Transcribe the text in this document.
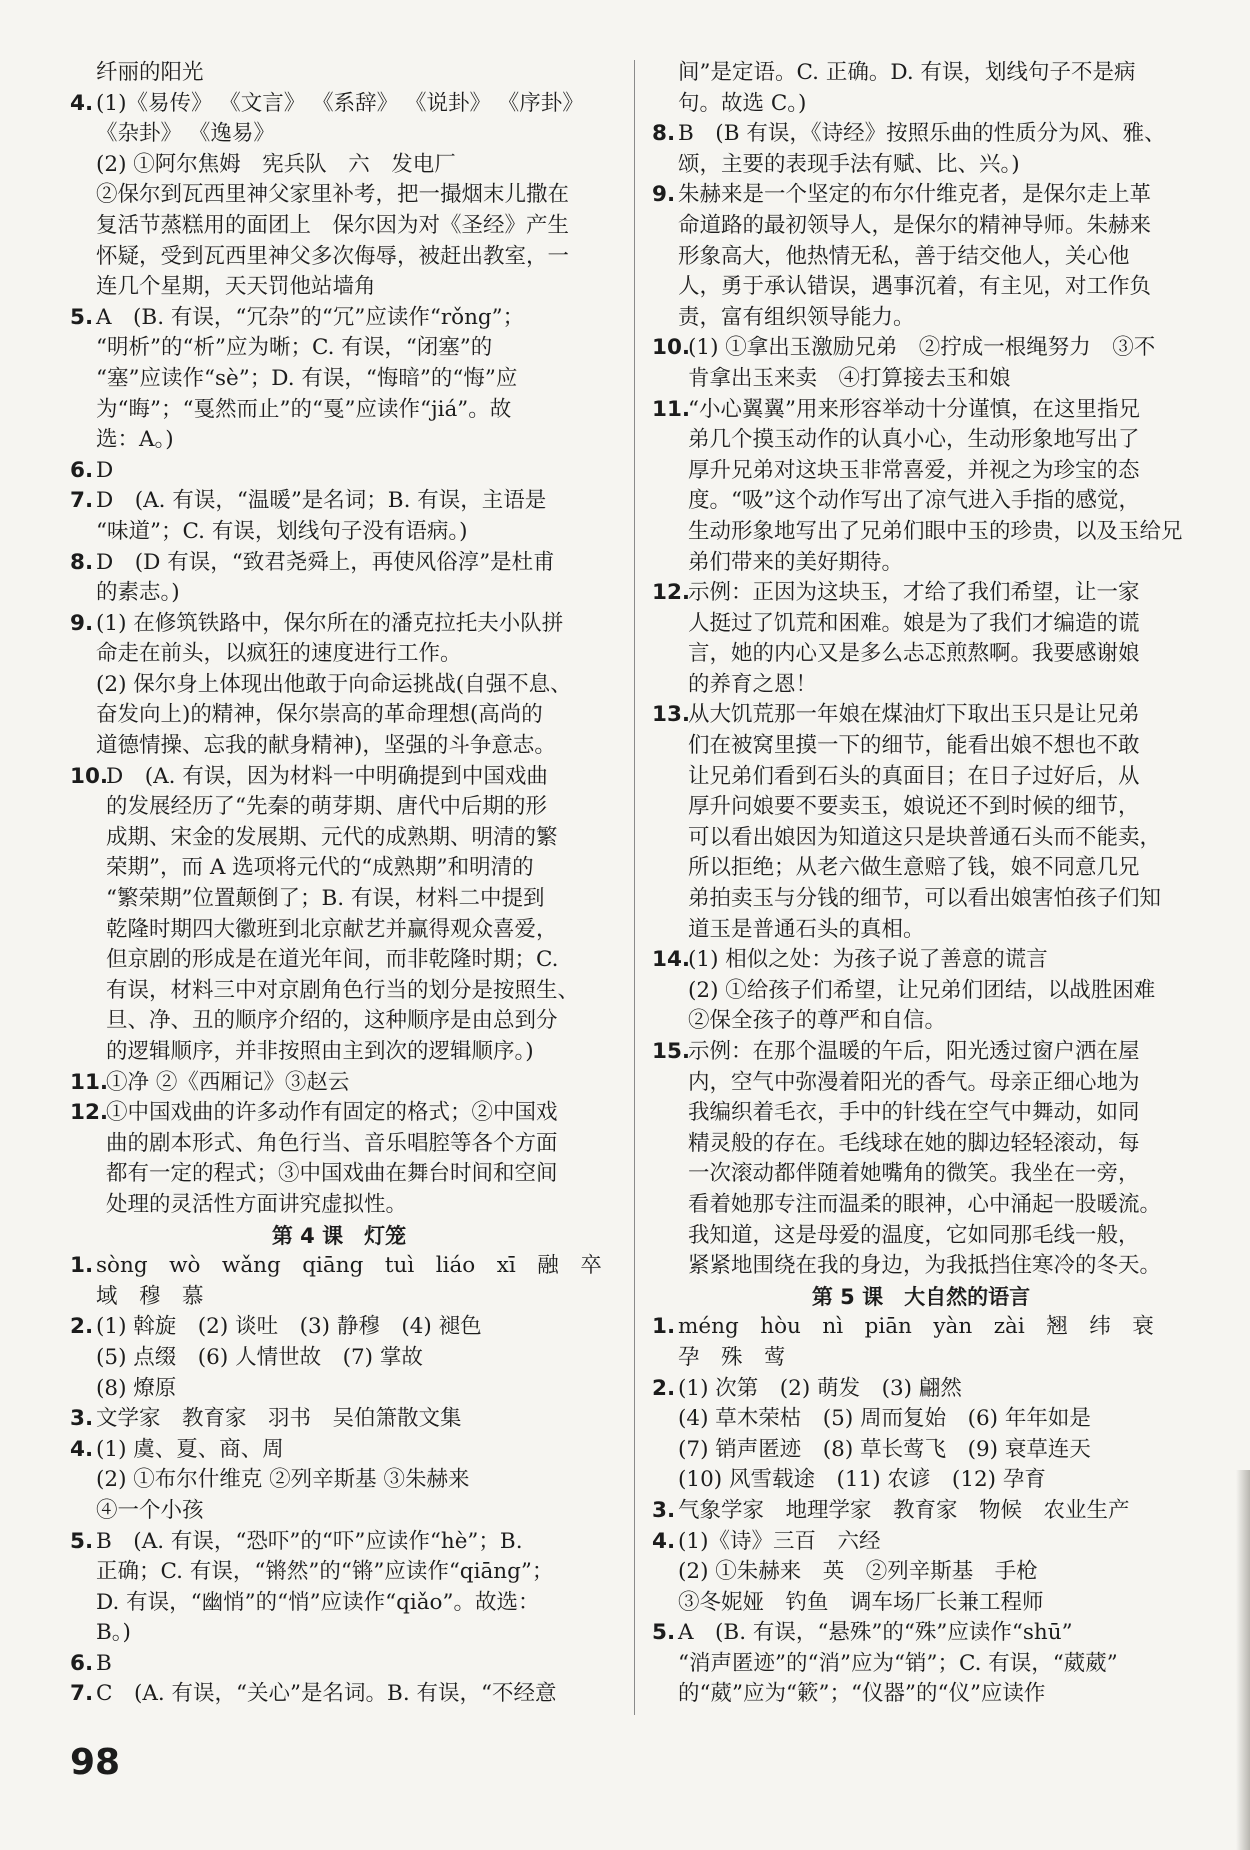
纤丽的阳光
4. (1)《易传》 《文言》 《系辞》 《说卦》 《序卦》
《杂卦》 《逸易》
(2) ①阿尔焦姆　宪兵队　六　发电厂
②保尔到瓦西里神父家里补考，把一撮烟末儿撒在
复活节蒸糕用的面团上　保尔因为对《圣经》产生
怀疑，受到瓦西里神父多次侮辱，被赶出教室，一
连几个星期，天天罚他站墙角
5. A　(B. 有误，“冗杂”的“冗”应读作“rǒng”；
“明析”的“析”应为晰；C. 有误，“闭塞”的
“塞”应读作“sè”；D. 有误，“悔暗”的“悔”应
为“晦”；“戛然而止”的“戛”应读作“jiá”。故
选：A。)
6. D
7. D　(A. 有误，“温暖”是名词；B. 有误，主语是
“味道”；C. 有误，划线句子没有语病。)
8. D　(D 有误，“致君尧舜上，再使风俗淳”是杜甫
的素志。)
9. (1) 在修筑铁路中，保尔所在的潘克拉托夫小队拼
命走在前头，以疯狂的速度进行工作。
(2) 保尔身上体现出他敢于向命运挑战(自强不息、
奋发向上)的精神，保尔崇高的革命理想(高尚的
道德情操、忘我的献身精神)，坚强的斗争意志。
10.
D　(A. 有误，因为材料一中明确提到中国戏曲
的发展经历了“先秦的萌芽期、唐代中后期的形
成期、宋金的发展期、元代的成熟期、明清的繁
荣期”，而 A 选项将元代的“成熟期”和明清的
“繁荣期”位置颠倒了；B. 有误，材料二中提到
乾隆时期四大徽班到北京献艺并赢得观众喜爱，
但京剧的形成是在道光年间，而非乾隆时期；C.
有误，材料三中对京剧角色行当的划分是按照生、
旦、净、丑的顺序介绍的，这种顺序是由总到分
的逻辑顺序，并非按照由主到次的逻辑顺序。)
11.
①净 ②《西厢记》③赵云
12.
①中国戏曲的许多动作有固定的格式；②中国戏
曲的剧本形式、角色行当、音乐唱腔等各个方面
都有一定的程式；③中国戏曲在舞台时间和空间
处理的灵活性方面讲究虚拟性。
第 4 课　灯笼
1. sòng　wò　wǎng　qiāng　tuì　liáo　xī　融　卒
域　穆　慕
2. (1) 斡旋　(2) 谈吐　(3) 静穆　(4) 褪色
(5) 点缀　(6) 人情世故　(7) 掌故
(8) 燎原
3. 文学家　教育家　羽书　吴伯箫散文集
4. (1) 虞、夏、商、周
(2) ①布尔什维克 ②列辛斯基 ③朱赫来
④一个小孩
5. B　(A. 有误，“恐吓”的“吓”应读作“hè”；B.
正确；C. 有误，“锵然”的“锵”应读作“qiāng”；
D. 有误，“幽悄”的“悄”应读作“qiǎo”。故选：
B。)
6. B
7. C　(A. 有误，“关心”是名词。B. 有误，“不经意
间”是定语。C. 正确。D. 有误，划线句子不是病
句。故选 C。)
8. B　(B 有误，《诗经》按照乐曲的性质分为风、雅、
颂，主要的表现手法有赋、比、兴。)
9. 朱赫来是一个坚定的布尔什维克者，是保尔走上革
命道路的最初领导人，是保尔的精神导师。朱赫来
形象高大，他热情无私，善于结交他人，关心他
人，勇于承认错误，遇事沉着，有主见，对工作负
责，富有组织领导能力。
10.
(1) ①拿出玉激励兄弟　②拧成一根绳努力　③不
肯拿出玉来卖　④打算接去玉和娘
11.
“小心翼翼”用来形容举动十分谨慎，在这里指兄
弟几个摸玉动作的认真小心，生动形象地写出了
厚升兄弟对这块玉非常喜爱，并视之为珍宝的态
度。“吸”这个动作写出了凉气进入手指的感觉，
生动形象地写出了兄弟们眼中玉的珍贵，以及玉给兄
弟们带来的美好期待。
12.
示例：正因为这块玉，才给了我们希望，让一家
人挺过了饥荒和困难。娘是为了我们才编造的谎
言，她的内心又是多么忐忑煎熬啊。我要感谢娘
的养育之恩！
13.
从大饥荒那一年娘在煤油灯下取出玉只是让兄弟
们在被窝里摸一下的细节，能看出娘不想也不敢
让兄弟们看到石头的真面目；在日子过好后，从
厚升问娘要不要卖玉，娘说还不到时候的细节，
可以看出娘因为知道这只是块普通石头而不能卖，
所以拒绝；从老六做生意赔了钱，娘不同意几兄
弟拍卖玉与分钱的细节，可以看出娘害怕孩子们知
道玉是普通石头的真相。
14.
(1) 相似之处：为孩子说了善意的谎言
(2) ①给孩子们希望，让兄弟们团结，以战胜困难
②保全孩子的尊严和自信。
15.
示例：在那个温暖的午后，阳光透过窗户洒在屋
内，空气中弥漫着阳光的香气。母亲正细心地为
我编织着毛衣，手中的针线在空气中舞动，如同
精灵般的存在。毛线球在她的脚边轻轻滚动，每
一次滚动都伴随着她嘴角的微笑。我坐在一旁，
看着她那专注而温柔的眼神，心中涌起一股暖流。
我知道，这是母爱的温度，它如同那毛线一般，
紧紧地围绕在我的身边，为我抵挡住寒冷的冬天。
第 5 课　大自然的语言
1. méng　hòu　nì　piān　yàn　zài　翘　纬　衰
孕　殊　莺
2. (1) 次第　(2) 萌发　(3) 翩然
(4) 草木荣枯　(5) 周而复始　(6) 年年如是
(7) 销声匿迹　(8) 草长莺飞　(9) 衰草连天
(10) 风雪载途　(11) 农谚　(12) 孕育
3. 气象学家　地理学家　教育家　物候　农业生产
4. (1)《诗》三百　六经
(2) ①朱赫来　英　②列辛斯基　手枪
③冬妮娅　钓鱼　调车场厂长兼工程师
5. A　(B. 有误，“悬殊”的“殊”应读作“shū”
“消声匿迹”的“消”应为“销”；C. 有误，“葳葳”
的“葳”应为“簌”；“仪器”的“仪”应读作
98
